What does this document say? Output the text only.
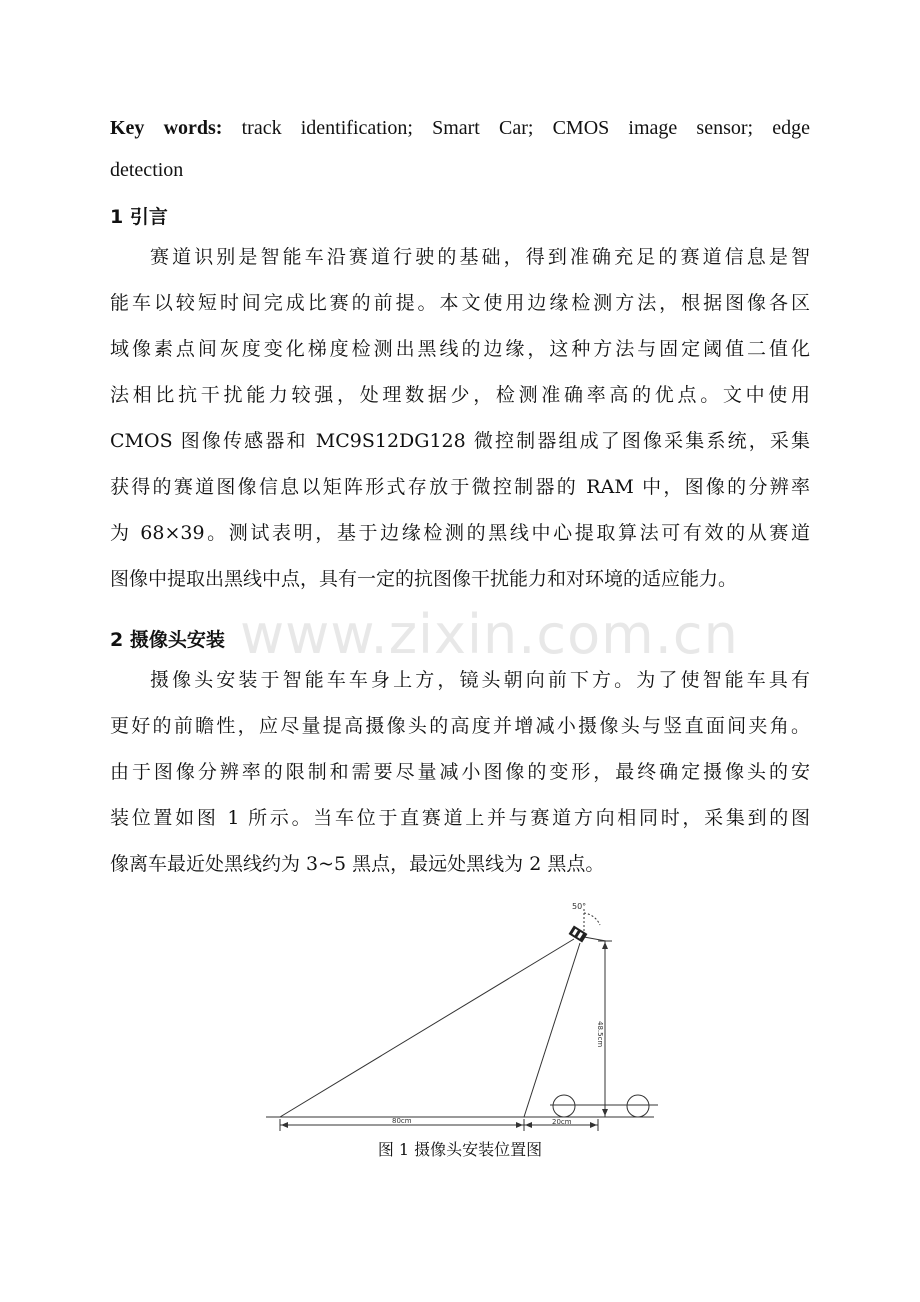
Key words: track identification; Smart Car; CMOS image sensor; edge
detection
1 引言
赛道识别是智能车沿赛道行驶的基础，得到准确充足的赛道信息是智
能车以较短时间完成比赛的前提。本文使用边缘检测方法，根据图像各区
域像素点间灰度变化梯度检测出黑线的边缘，这种方法与固定阈值二值化
法相比抗干扰能力较强，处理数据少，检测准确率高的优点。文中使用
CMOS 图像传感器和 MC9S12DG128 微控制器组成了图像采集系统，采集
获得的赛道图像信息以矩阵形式存放于微控制器的 RAM 中，图像的分辨率
为 68×39。测试表明，基于边缘检测的黑线中心提取算法可有效的从赛道
图像中提取出黑线中点，具有一定的抗图像干扰能力和对环境的适应能力。
www.zixin.com.cn
2 摄像头安装
摄像头安装于智能车车身上方，镜头朝向前下方。为了使智能车具有
更好的前瞻性，应尽量提高摄像头的高度并增减小摄像头与竖直面间夹角。
由于图像分辨率的限制和需要尽量减小图像的变形，最终确定摄像头的安
装位置如图 1 所示。当车位于直赛道上并与赛道方向相同时，采集到的图
像离车最近处黑线约为 3~5 黑点，最远处黑线为 2 黑点。
50°
48.5cm
80cm	20cm
图 1 摄像头安装位置图
